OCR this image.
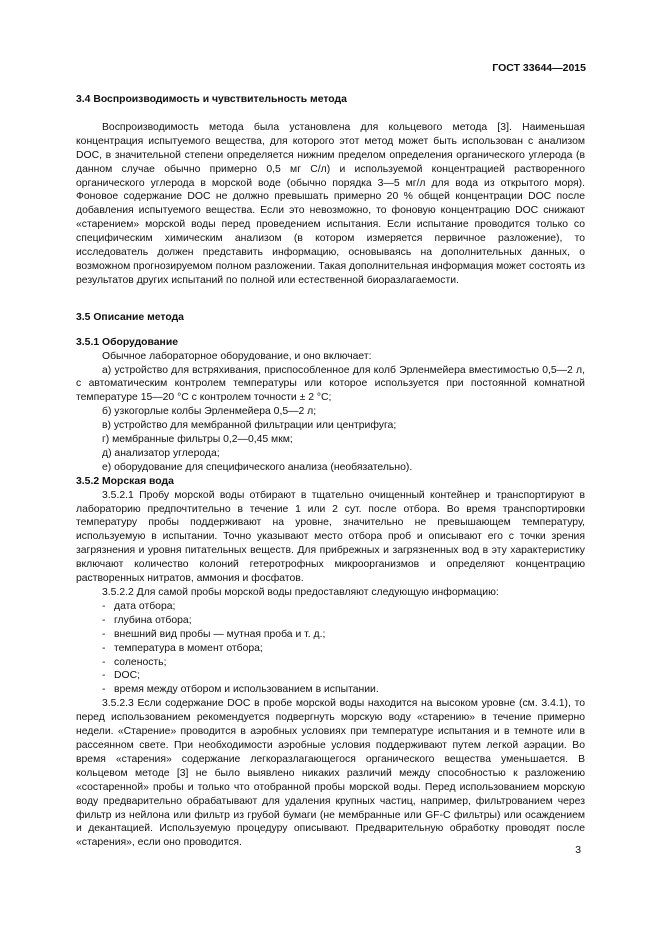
ГОСТ 33644—2015

3.4 Воспроизводимость и чувствительность метода

Воспроизводимость метода была установлена для кольцевого метода [3]. Наименьшая концентрация испытуемого вещества, для которого этот метод может быть использован с анализом DOC, в значительной степени определяется нижним пределом определения органического углерода (в данном случае обычно примерно 0,5 мг С/л) и используемой концентрацией растворенного органического углерода в морской воде (обычно порядка 3—5 мг/л для вода из открытого моря). Фоновое содержание DOC не должно превышать примерно 20 % общей концентрации DOC после добавления испытуемого вещества. Если это невозможно, то фоновую концентрацию DOC снижают «старением» морской воды перед проведением испытания. Если испытание проводится только со специфическим химическим анализом (в котором измеряется первичное разложение), то исследователь должен представить информацию, основываясь на дополнительных данных, о возможном прогнозируемом полном разложении. Такая дополнительная информация может состоять из результатов других испытаний по полной или естественной биоразлагаемости.

3.5 Описание метода

3.5.1 Оборудование

Обычное лабораторное оборудование, и оно включает:

а) устройство для встряхивания, приспособленное для колб Эрленмейера вместимостью 0,5—2 л, с автоматическим контролем температуры или которое используется при постоянной комнатной температуре 15—20 °С с контролем точности ± 2 °С;

б) узкогорлые колбы Эрленмейера 0,5—2 л;

в) устройство для мембранной фильтрации или центрифуга;

г) мембранные фильтры 0,2—0,45 мкм;

д) анализатор углерода;

е) оборудование для специфического анализа (необязательно).

3.5.2 Морская вода

3.5.2.1 Пробу морской воды отбирают в тщательно очищенный контейнер и транспортируют в лабораторию предпочтительно в течение 1 или 2 сут. после отбора. Во время транспортировки температуру пробы поддерживают на уровне, значительно не превышающем температуру, используемую в испытании. Точно указывают место отбора проб и описывают его с точки зрения загрязнения и уровня питательных веществ. Для прибрежных и загрязненных вод в эту характеристику включают количество колоний гетеротрофных микроорганизмов и определяют концентрацию растворенных нитратов, аммония и фосфатов.

3.5.2.2 Для самой пробы морской воды предоставляют следующую информацию:

- дата отбора;
- глубина отбора;
- внешний вид пробы — мутная проба и т. д.;
- температура в момент отбора;
- соленость;
- DOC;
- время между отбором и использованием в испытании.

3.5.2.3 Если содержание DOC в пробе морской воды находится на высоком уровне (см. 3.4.1), то перед использованием рекомендуется подвергнуть морскую воду «старению» в течение примерно недели. «Старение» проводится в аэробных условиях при температуре испытания и в темноте или в рассеянном свете. При необходимости аэробные условия поддерживают путем легкой аэрации. Во время «старения» содержание легкоразлагающегося органического вещества уменьшается. В кольцевом методе [3] не было выявлено никаких различий между способностью к разложению «состаренной» пробы и только что отобранной пробы морской воды. Перед использованием морскую воду предварительно обрабатывают для удаления крупных частиц, например, фильтрованием через фильтр из нейлона или фильтр из грубой бумаги (не мембранные или GF-C фильтры) или осаждением и декантацией. Используемую процедуру описывают. Предварительную обработку проводят после «старения», если оно проводится.

3
